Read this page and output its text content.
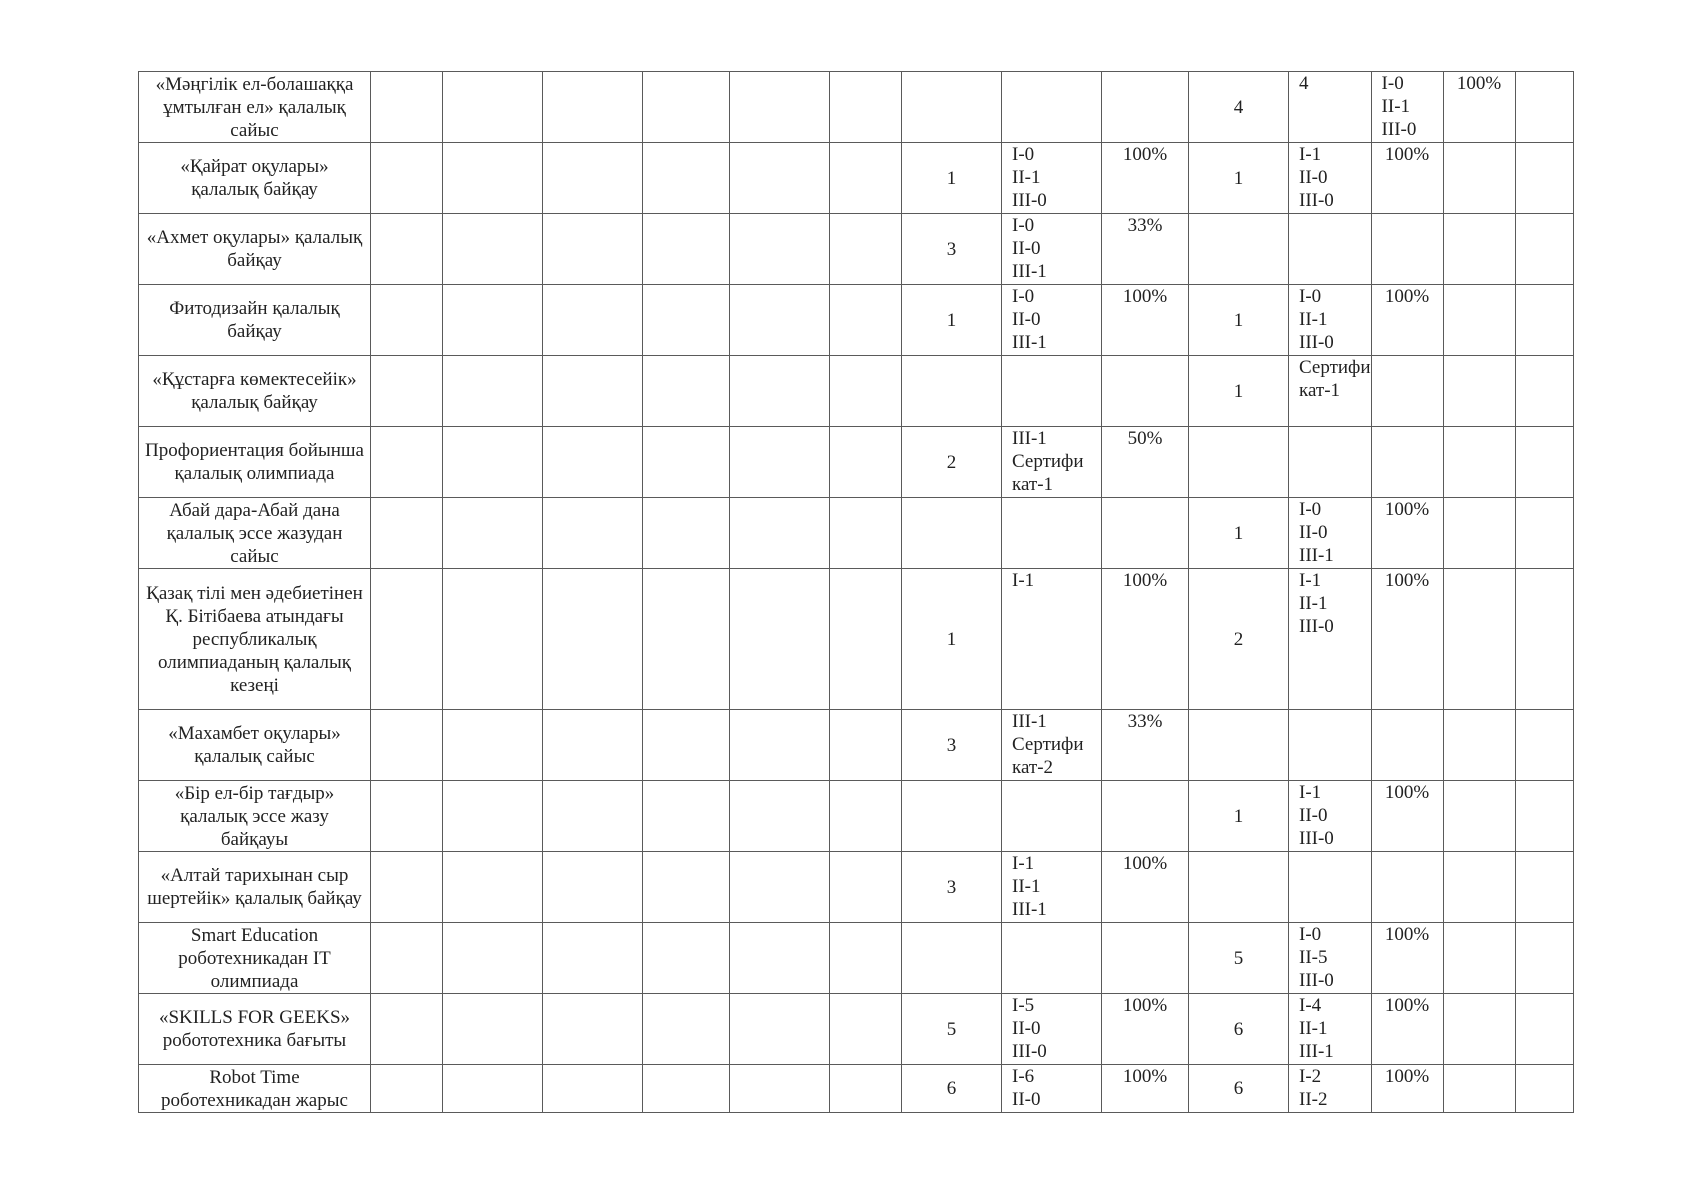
«Мәңгілік ел-болашаққа ұмтылған ел» қалалық сайыс										4	4	I-0
II-1
III-0	100%	
«Қайрат оқулары» қалалық байқау							1	I-0
II-1
III-0	100%	1	I-1
II-0
III-0	100%		
«Ахмет оқулары» қалалық байқау							3	I-0
II-0
III-1	33%					
Фитодизайн қалалық байқау							1	I-0
II-0
III-1	100%	1	I-0
II-1
III-0	100%		
«Құстарға көмектесейік» қалалық байқау										1	Сертифи
кат-1			

Профориентация бойынша қалалық олимпиада							2	III-1
Сертифи
кат-1	50%					
Абай дара-Абай дана қалалық эссе жазудан сайыс										1	I-0
II-0
III-1	100%		
Қазақ тілі мен әдебиетінен Қ. Бітібаева атындағы республикалық олимпиаданың қалалық кезеңі							1	I-1	100%	2	I-1
II-1
III-0	100%		
«Махамбет оқулары» қалалық сайыс							3	III-1
Сертифи
кат-2	33%					
«Бір ел-бір тағдыр» қалалық эссе жазу байқауы										1	I-1
II-0
III-0	100%		
«Алтай тарихынан сыр шертейік» қалалық байқау							3	I-1
II-1
III-1	100%					
Smart Education роботехникадан IT олимпиада										5	I-0
II-5
III-0	100%		
«SKILLS FOR GEEKS» робототехника бағыты							5	I-5
II-0
III-0	100%	6	I-4
II-1
III-1	100%		
Robot Time роботехникадан жарыс							6	I-6
II-0	100%	6	I-2
II-2	100%		
